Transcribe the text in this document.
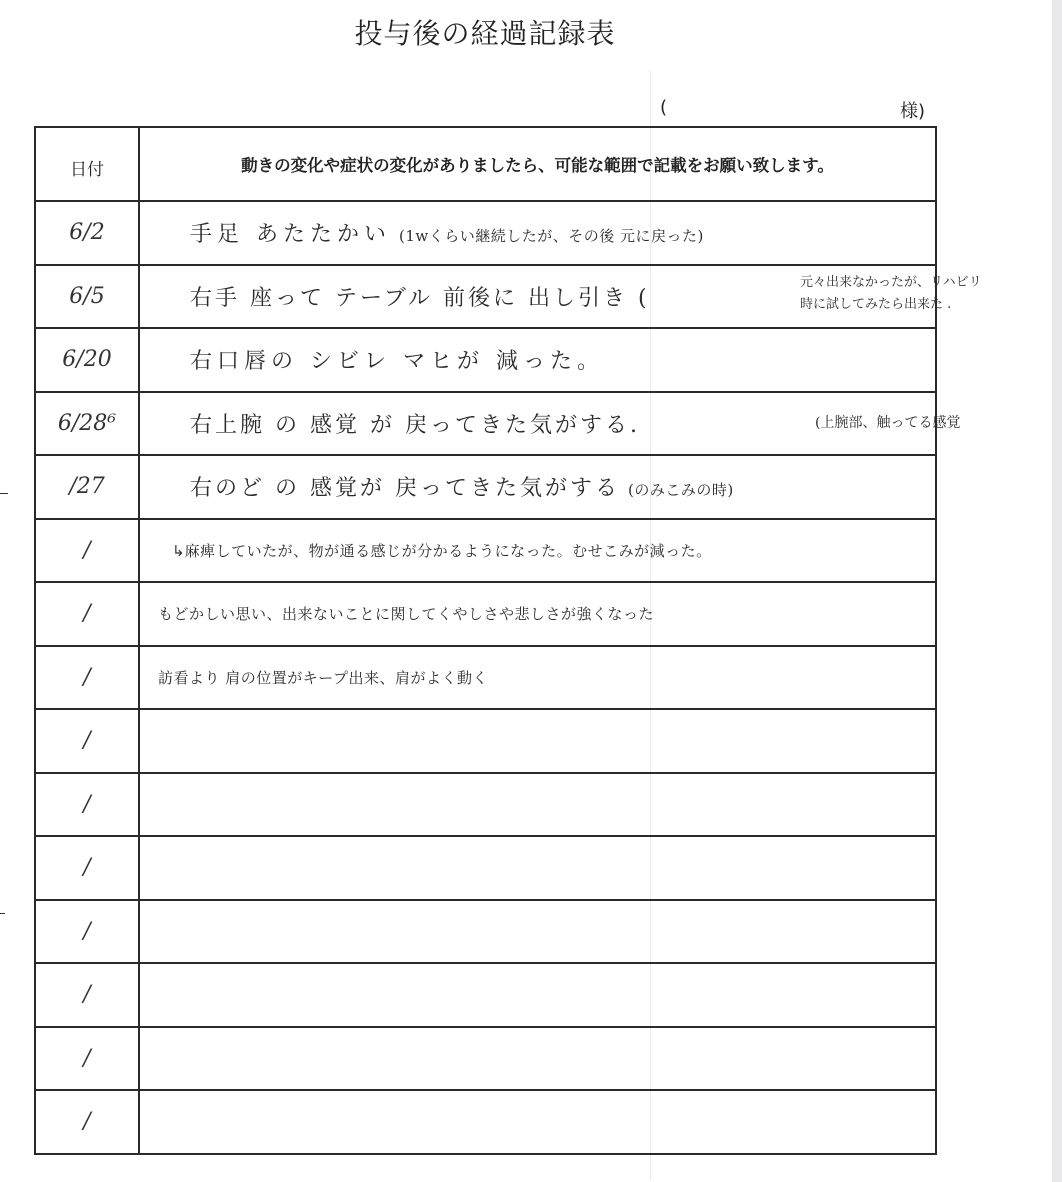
投与後の経過記録表
(	様)
日付	動きの変化や症状の変化がありましたら、可能な範囲で記載をお願い致します。
6/2	手足 あたたかい (1wくらい継続したが、その後 元に戻った)
6/5	右手 座って テーブル 前後に 出し引き (
元々出来なかったが、リハビリ
時に試してみたら出来た .

6/20	右口唇の シビレ マヒが 減った。
6/28⁶	右上腕 の 感覚 が 戻ってきた気がする. (上腕部、触ってる感覚

/27	右のど の 感覚が 戻ってきた気がする (のみこみの時)
/	↳麻痺していたが、物が通る感じが分かるようになった。むせこみが減った。
/	もどかしい思い、出来ないことに関してくやしさや悲しさが強くなった
/	訪看より 肩の位置がキープ出来、肩がよく動く
/	
/	
/	
/	
/	
/	
/	
